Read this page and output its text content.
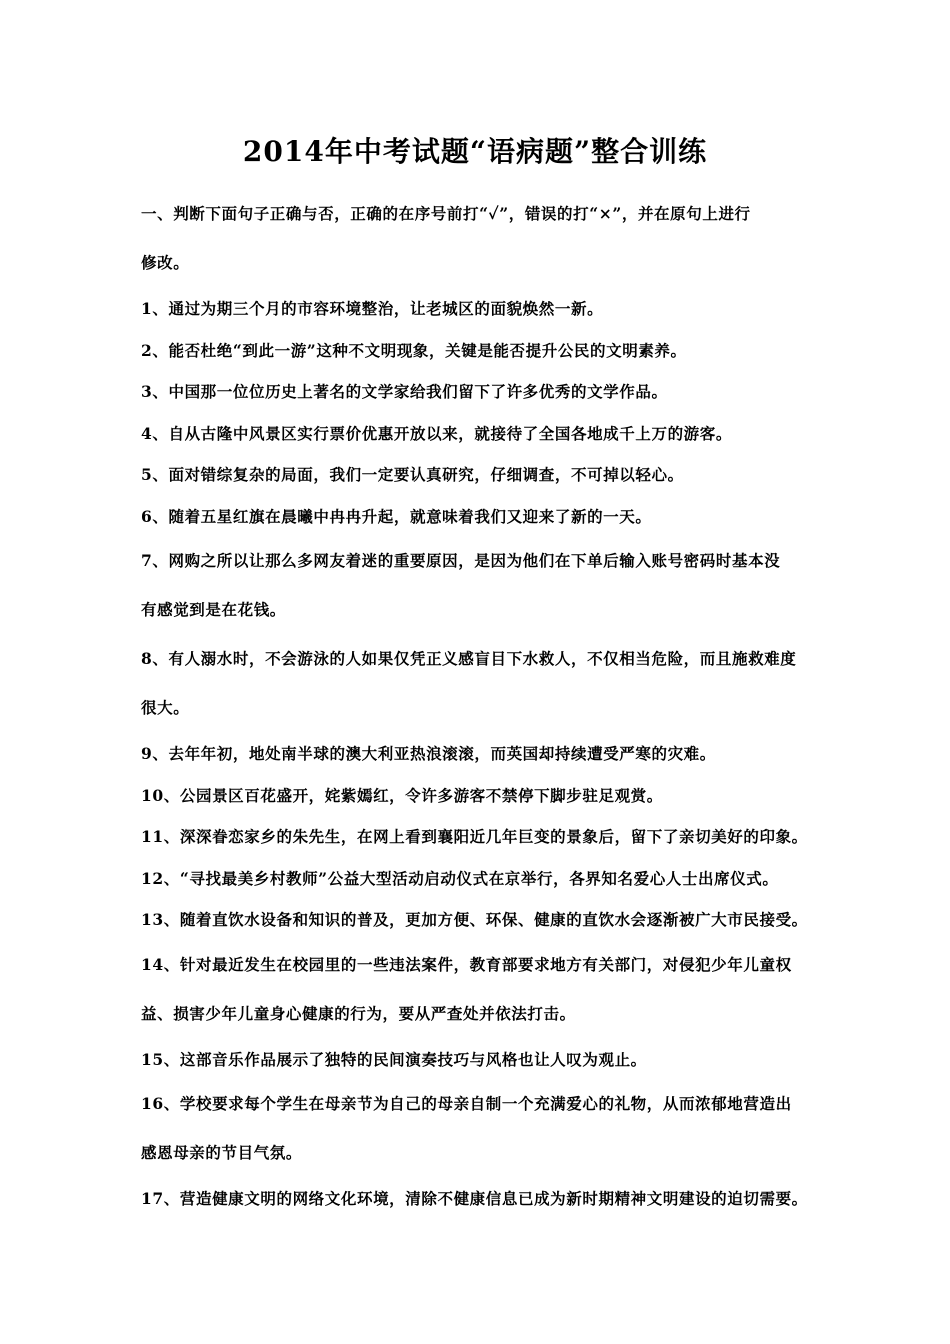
2014年中考试题“语病题”整合训练
一、判断下面句子正确与否，正确的在序号前打“✓”，错误的打“×”，并在原句上进行
修改。
1、通过为期三个月的市容环境整治，让老城区的面貌焕然一新。
2、能否杜绝“到此一游”这种不文明现象，关键是能否提升公民的文明素养。
3、中国那一位位历史上著名的文学家给我们留下了许多优秀的文学作品。
4、自从古隆中风景区实行票价优惠开放以来，就接待了全国各地成千上万的游客。
5、面对错综复杂的局面，我们一定要认真研究，仔细调查，不可掉以轻心。
6、随着五星红旗在晨曦中冉冉升起，就意味着我们又迎来了新的一天。
7、网购之所以让那么多网友着迷的重要原因，是因为他们在下单后输入账号密码时基本没
有感觉到是在花钱。
8、有人溺水时，不会游泳的人如果仅凭正义感盲目下水救人，不仅相当危险，而且施救难度
很大。
9、去年年初，地处南半球的澳大利亚热浪滚滚，而英国却持续遭受严寒的灾难。
10、公园景区百花盛开，姹紫嫣红，令许多游客不禁停下脚步驻足观赏。
11、深深眷恋家乡的朱先生，在网上看到襄阳近几年巨变的景象后，留下了亲切美好的印象。
12、“寻找最美乡村教师”公益大型活动启动仪式在京举行，各界知名爱心人士出席仪式。
13、随着直饮水设备和知识的普及，更加方便、环保、健康的直饮水会逐渐被广大市民接受。
14、针对最近发生在校园里的一些违法案件，教育部要求地方有关部门，对侵犯少年儿童权
益、损害少年儿童身心健康的行为，要从严查处并依法打击。
15、这部音乐作品展示了独特的民间演奏技巧与风格也让人叹为观止。
16、学校要求每个学生在母亲节为自己的母亲自制一个充满爱心的礼物，从而浓郁地营造出
感恩母亲的节目气氛。
17、营造健康文明的网络文化环境，清除不健康信息已成为新时期精神文明建设的迫切需要。
